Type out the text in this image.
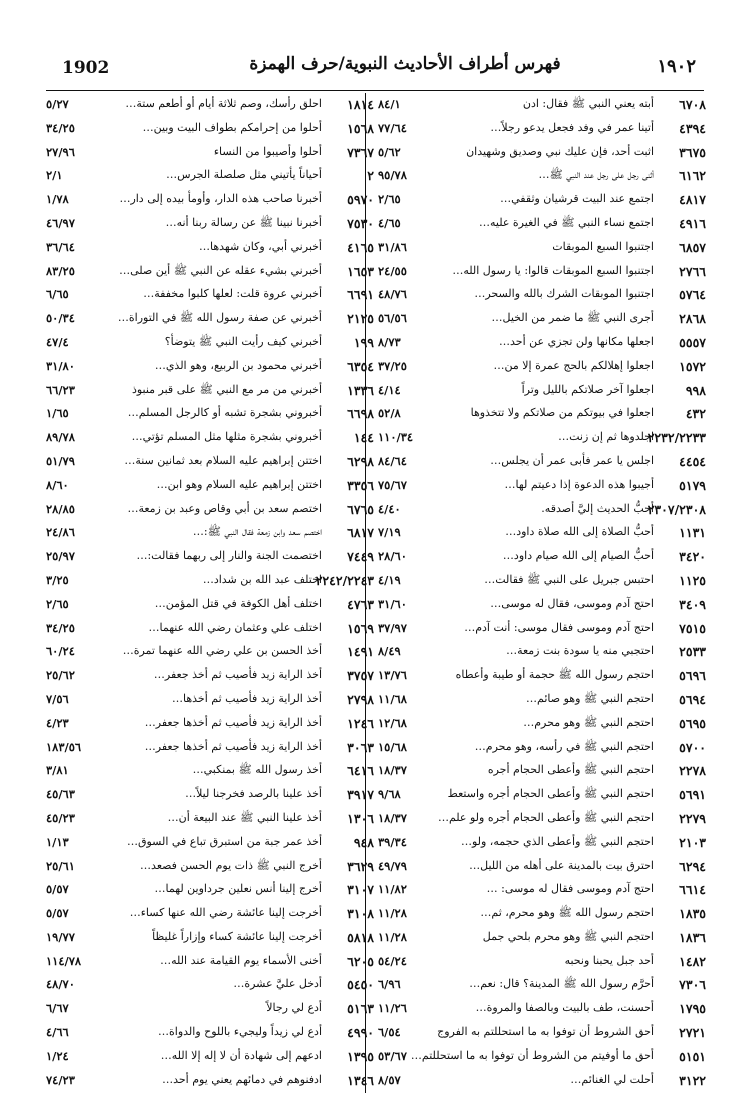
1902	فهرس أطراف الأحاديث النبوية/حرف الهمزة	١٩٠٢
٦٧٠٨
أبته يعني النبي ﷺ فقال: ادن
٨٤/١
٤٣٩٤
أتينا عمر في وفد فجعل يدعو رجلاً…
٧٧/٦٤
٣٦٧٥
اثبت أحد، فإن عليك نبي وصديق وشهيدان
٥/٦٢
٦١٦٢
أثنى رجل على رجل عند النبي ﷺ…
٩٥/٧٨
٤٨١٧
اجتمع عند البيت قرشيان وثقفي…
٢/٦٥
٤٩١٦
اجتمع نساء النبي ﷺ في الغيرة عليه…
٤/٦٥
٦٨٥٧
اجتنبوا السبع الموبقات
٣١/٨٦
٢٧٦٦
اجتنبوا السبع الموبقات قالوا: يا رسول الله…
٢٤/٥٥
٥٧٦٤
اجتنبوا الموبقات الشرك بالله والسحر…
٤٨/٧٦
٢٨٦٨
أجرى النبي ﷺ ما ضمر من الخيل…
٥٦/٥٦
٥٥٥٧
اجعلها مكانها ولن تجزي عن أحد…
٨/٧٣
١٥٧٢
اجعلوا إهلالكم بالحج عمرة إلا من…
٣٧/٢٥
٩٩٨
اجعلوا آخر صلاتكم بالليل وتراً
٤/١٤
٤٣٢
اجعلوا في بيوتكم من صلاتكم ولا تتخذوها
٥٢/٨
٢٢٣٢/٢٢٣٣
اجلدوها ثم إن زنت…
١١٠/٣٤
٤٤٥٤
اجلس يا عمر فأبى عمر أن يجلس…
٨٤/٦٤
٥١٧٩
أجيبوا هذه الدعوة إذا دعيتم لها…
٧٥/٦٧
٢٣٠٧/٢٣٠٨
أحبُّ الحديث إليَّ أصدقه.
٤/٤٠
١١٣١
أحبُّ الصلاة إلى الله صلاة داود…
٧/١٩
٣٤٢٠
أحبُّ الصيام إلى الله صيام داود…
٢٨/٦٠
١١٢٥
احتبس جبريل على النبي ﷺ فقالت…
٤/١٩
٣٤٠٩
احتج آدم وموسى، فقال له موسى…
٣١/٦٠
٧٥١٥
احتج آدم وموسى فقال موسى: أنت آدم…
٣٧/٩٧
٢٥٣٣
احتجبي منه يا سودة بنت زمعة…
٨/٤٩
٥٦٩٦
احتجم رسول الله ﷺ حجمة أو طيبة وأعطاه
١٣/٧٦
٥٦٩٤
احتجم النبي ﷺ وهو صائم…
١١/٦٨
٥٦٩٥
احتجم النبي ﷺ وهو محرم…
١٢/٦٨
٥٧٠٠
احتجم النبي ﷺ في رأسه، وهو محرم…
١٥/٦٨
٢٢٧٨
احتجم النبي ﷺ وأعطى الحجام أجره
١٨/٣٧
٥٦٩١
احتجم النبي ﷺ وأعطى الحجام أجره واستعط
٩/٦٨
٢٢٧٩
احتجم النبي ﷺ وأعطى الحجام أجره ولو علم…
١٨/٣٧
٢١٠٣
احتجم النبي ﷺ وأعطى الذي حجمه، ولو…
٣٩/٣٤
٦٢٩٤
احترق بيت بالمدينة على أهله من الليل…
٤٩/٧٩
٦٦١٤
احتج آدم وموسى فقال له موسى: …
١١/٨٢
١٨٣٥
احتجم رسول الله ﷺ وهو محرم، ثم…
١١/٢٨
١٨٣٦
احتجم النبي ﷺ وهو محرم بلحي جمل
١١/٢٨
١٤٨٢
أحد جبل يحبنا ونحبه
٥٤/٢٤
٧٣٠٦
أحرَّم رسول الله ﷺ المدينة؟ قال: نعم…
٦/٩٦
١٧٩٥
أحسنت، طف بالبيت وبالصفا والمروة…
١١/٢٦
٢٧٢١
أحق الشروط أن توفوا به ما استحللتم به الفروج
٦/٥٤
٥١٥١
أحق ما أوفيتم من الشروط أن توفوا به ما استحللتم…
٥٣/٦٧
٣١٢٢
أحلت لي الغنائم…
٨/٥٧
١٨١٤
احلق رأسك، وصم ثلاثة أيام أو أطعم ستة…
٥/٢٧
١٥٦٨
أحلوا من إحرامكم بطواف البيت وبين…
٣٤/٢٥
٧٣٦٧
أحلوا وأصيبوا من النساء
٢٧/٩٦
٢
أحياناً يأتيني مثل صلصلة الجرس…
٢/١
٥٩٧٠
أخبرنا صاحب هذه الدار، وأومأ بيده إلى دار…
١/٧٨
٧٥٣٠
أخبرنا نبينا ﷺ عن رسالة ربنا أنه…
٤٦/٩٧
٤١٦٥
أخبرني أبي، وكان شهدها…
٣٦/٦٤
١٦٥٣
أخبرني بشيء عقله عن النبي ﷺ أين صلى…
٨٣/٢٥
٦٦٩١
أخبرني عروة قلت: لعلها كلبوا مخففة…
٦/٦٥
٢١٢٥
أخبرني عن صفة رسول الله ﷺ في التوراة…
٥٠/٣٤
١٩٩
أخبرني كيف رأيت النبي ﷺ يتوضأ؟
٤٧/٤
٦٣٥٤
أخبرني محمود بن الربيع، وهو الذي…
٣١/٨٠
١٣٣٦
أخبرني من مر مع النبي ﷺ على قبر منبوذ
٦٦/٢٣
٦٦٩٨
أخبروني بشجرة تشبه أو كالرجل المسلم…
١/٦٥
١٤٤
أخبروني بشجرة مثلها مثل المسلم تؤتي…
٨٩/٧٨
٦٢٩٨
اختتن إبراهيم عليه السلام بعد ثمانين سنة…
٥١/٧٩
٣٣٥٦
اختتن إبراهيم عليه السلام وهو ابن…
٨/٦٠
٦٧٦٥
اختصم سعد بن أبي وقاص وعبد بن زمعة…
٢٨/٨٥
٦٨١٧
اختصم سعد وابن زمعة فقال النبي ﷺ:…
٢٤/٨٦
٧٤٤٩
اختصمت الجنة والنار إلى ربهما فقالت:…
٢٥/٩٧
٢٢٤٢/٢٢٤٣
اختلف عبد الله بن شداد…
٣/٢٥
٤٧٦٣
اختلف أهل الكوفة في قتل المؤمن…
٢/٦٥
١٥٦٩
اختلف علي وعثمان رضي الله عنهما…
٣٤/٢٥
١٤٩١
أخذ الحسن بن علي رضي الله عنهما تمرة…
٦٠/٢٤
٣٧٥٧
أخذ الراية زيد فأصيب ثم أخذ جعفر…
٢٥/٦٢
٢٧٩٨
أخذ الراية زيد فأصيب ثم أخذها…
٧/٥٦
١٢٤٦
أخذ الراية زيد فأصيب ثم أخذها جعفر…
٤/٢٣
٣٠٦٣
أخذ الراية زيد فأصيب ثم أخذها جعفر…
١٨٣/٥٦
٦٤١٦
أخذ رسول الله ﷺ بمنكبي…
٣/٨١
٣٩١٧
أخذ علينا بالرصد فخرجنا ليلاً…
٤٥/٦٣
١٣٠٦
أخذ علينا النبي ﷺ عند البيعة أن…
٤٥/٢٣
٩٤٨
أخذ عمر جبة من استبرق تباع في السوق…
١/١٣
٣٦٢٩
أخرج النبي ﷺ ذات يوم الحسن فصعد…
٢٥/٦١
٣١٠٧
أخرج إلينا أنس نعلين جرداوين لهما…
٥/٥٧
٣١٠٨
أخرجت إلينا عائشة رضي الله عنها كساء…
٥/٥٧
٥٨١٨
أخرجت إلينا عائشة كساء وإزاراً غليظاً
١٩/٧٧
٦٢٠٥
أخنى الأسماء يوم القيامة عند الله…
١١٤/٧٨
٥٤٥٠
أدخل عليَّ عشرة…
٤٨/٧٠
٥١٦٣
أدع لي رجالاً
٦/٦٧
٤٩٩٠
أدع لي زيداً وليجيء باللوح والدواة…
٤/٦٦
١٣٩٥
ادعهم إلى شهادة أن لا إله إلا الله…
١/٢٤
١٣٤٦
ادفنوهم في دمائهم يعني يوم أحد…
٧٤/٢٣
